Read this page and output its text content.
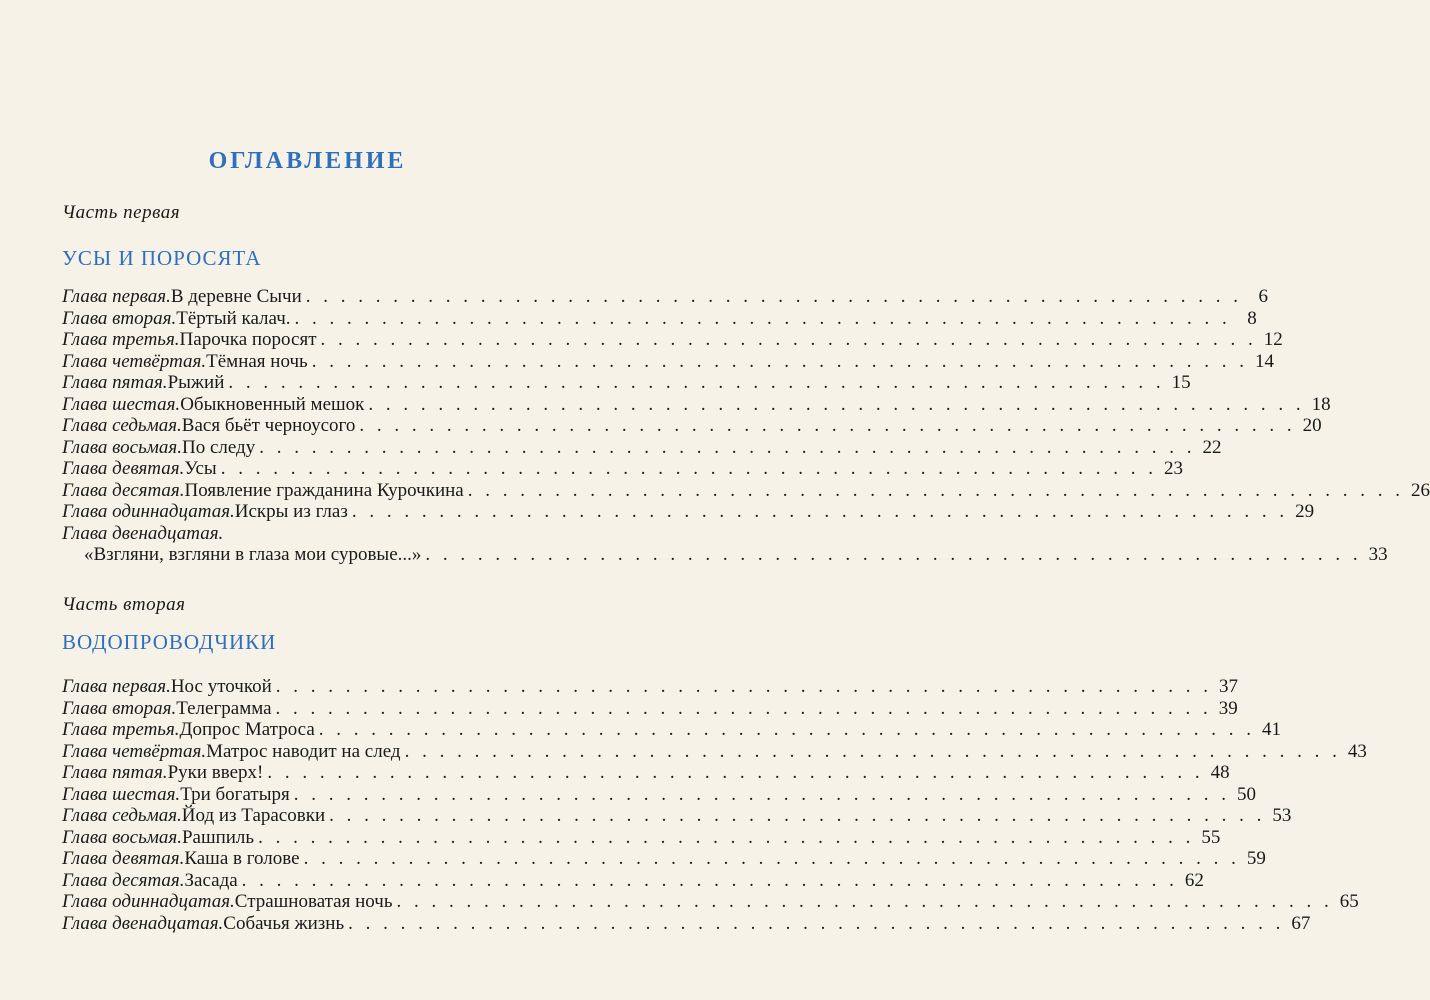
ОГЛАВЛЕНИЕ
Часть первая
УСЫ И ПОРОСЯТА
Глава первая. В деревне Сычи . . . . . . . . . . . . . . . . . . . . . . . . . . . . . . . . . . . . . . . . . . . . . . . . . . . . . . 6
Глава вторая. Тёртый калач. . . . . . . . . . . . . . . . . . . . . . . . . . . . . . . . . . . . . . . . . . . . . . . . . . . . . . . 8
Глава третья. Парочка поросят . . . . . . . . . . . . . . . . . . . . . . . . . . . . . . . . . . . . . . . . . . . . . . . . . . . . . . 12
Глава четвёртая. Тёмная ночь . . . . . . . . . . . . . . . . . . . . . . . . . . . . . . . . . . . . . . . . . . . . . . . . . . . . . . 14
Глава пятая. Рыжий . . . . . . . . . . . . . . . . . . . . . . . . . . . . . . . . . . . . . . . . . . . . . . . . . . . . . . 15
Глава шестая. Обыкновенный мешок . . . . . . . . . . . . . . . . . . . . . . . . . . . . . . . . . . . . . . . . . . . . . . . . . . . . . . 18
Глава седьмая. Вася бьёт черноусого . . . . . . . . . . . . . . . . . . . . . . . . . . . . . . . . . . . . . . . . . . . . . . . . . . . . . . 20
Глава восьмая. По следу . . . . . . . . . . . . . . . . . . . . . . . . . . . . . . . . . . . . . . . . . . . . . . . . . . . . . . 22
Глава девятая. Усы . . . . . . . . . . . . . . . . . . . . . . . . . . . . . . . . . . . . . . . . . . . . . . . . . . . . . . 23
Глава десятая. Появление гражданина Курочкина . . . . . . . . . . . . . . . . . . . . . . . . . . . . . . . . . . . . . . . . . . . . . . . . . . . . . . 26
Глава одиннадцатая. Искры из глаз . . . . . . . . . . . . . . . . . . . . . . . . . . . . . . . . . . . . . . . . . . . . . . . . . . . . . . 29
Глава двенадцатая.
«Взгляни, взгляни в глаза мои суровые...» . . . . . . . . . . . . . . . . . . . . . . . . . . . . . . . . . . . . . . . . . . . . . . . . . . . . . . 33
Часть вторая
ВОДОПРОВОДЧИКИ
Глава первая. Нос уточкой . . . . . . . . . . . . . . . . . . . . . . . . . . . . . . . . . . . . . . . . . . . . . . . . . . . . . . 37
Глава вторая. Телеграмма . . . . . . . . . . . . . . . . . . . . . . . . . . . . . . . . . . . . . . . . . . . . . . . . . . . . . . 39
Глава третья. Допрос Матроса . . . . . . . . . . . . . . . . . . . . . . . . . . . . . . . . . . . . . . . . . . . . . . . . . . . . . . 41
Глава четвёртая. Матрос наводит на след . . . . . . . . . . . . . . . . . . . . . . . . . . . . . . . . . . . . . . . . . . . . . . . . . . . . . . 43
Глава пятая. Руки вверх! . . . . . . . . . . . . . . . . . . . . . . . . . . . . . . . . . . . . . . . . . . . . . . . . . . . . . . 48
Глава шестая. Три богатыря . . . . . . . . . . . . . . . . . . . . . . . . . . . . . . . . . . . . . . . . . . . . . . . . . . . . . . 50
Глава седьмая. Йод из Тарасовки . . . . . . . . . . . . . . . . . . . . . . . . . . . . . . . . . . . . . . . . . . . . . . . . . . . . . . 53
Глава восьмая. Рашпиль . . . . . . . . . . . . . . . . . . . . . . . . . . . . . . . . . . . . . . . . . . . . . . . . . . . . . . 55
Глава девятая. Каша в голове . . . . . . . . . . . . . . . . . . . . . . . . . . . . . . . . . . . . . . . . . . . . . . . . . . . . . . 59
Глава десятая. Засада . . . . . . . . . . . . . . . . . . . . . . . . . . . . . . . . . . . . . . . . . . . . . . . . . . . . . . 62
Глава одиннадцатая. Страшноватая ночь . . . . . . . . . . . . . . . . . . . . . . . . . . . . . . . . . . . . . . . . . . . . . . . . . . . . . . 65
Глава двенадцатая. Собачья жизнь . . . . . . . . . . . . . . . . . . . . . . . . . . . . . . . . . . . . . . . . . . . . . . . . . . . . . . 67
